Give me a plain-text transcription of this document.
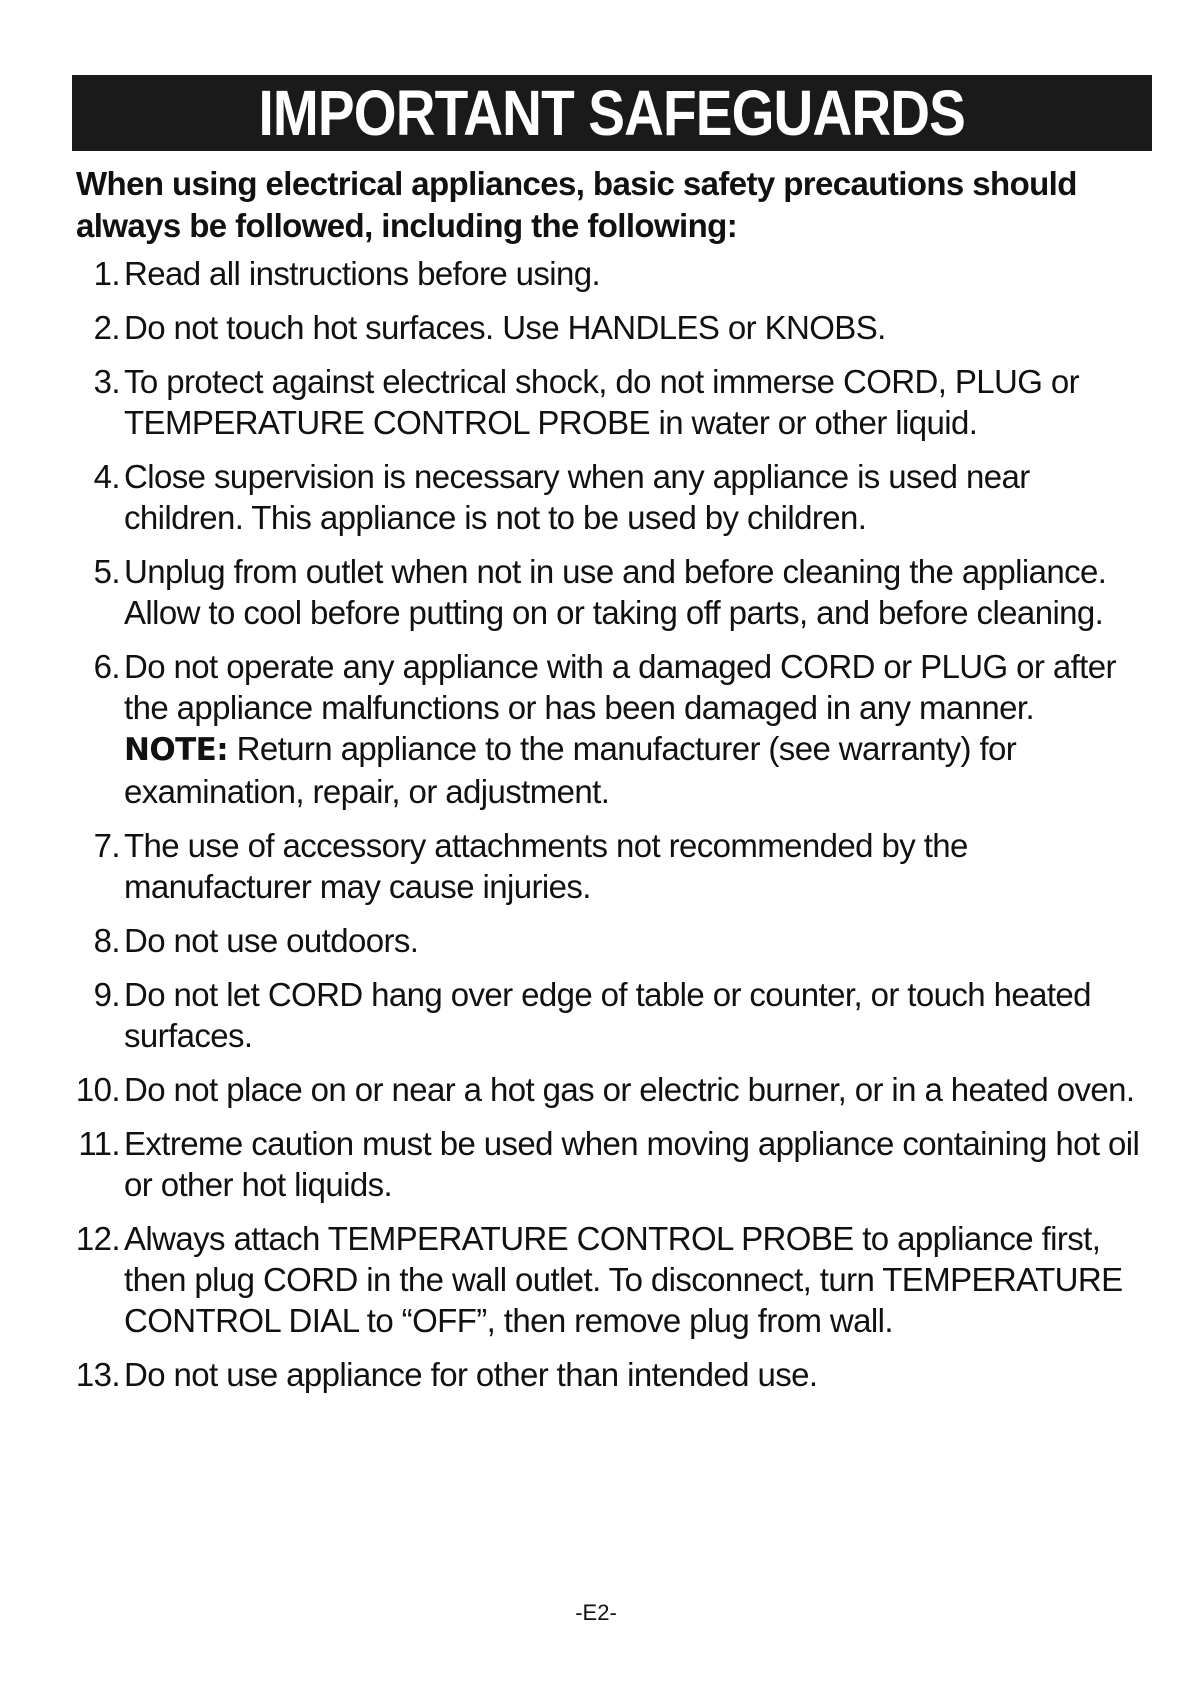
IMPORTANT SAFEGUARDS
When using electrical appliances, basic safety precautions should always be followed, including the following:
1. Read all instructions before using.
2. Do not touch hot surfaces. Use HANDLES or KNOBS.
3. To protect against electrical shock, do not immerse CORD, PLUG or TEMPERATURE CONTROL PROBE in water or other liquid.
4. Close supervision is necessary when any appliance is used near children. This appliance is not to be used by children.
5. Unplug from outlet when not in use and before cleaning the appliance. Allow to cool before putting on or taking off parts, and before cleaning.
6. Do not operate any appliance with a damaged CORD or PLUG or after the appliance malfunctions or has been damaged in any manner.
NOTE: Return appliance to the manufacturer (see warranty) for examination, repair, or adjustment.
7. The use of accessory attachments not recommended by the manufacturer may cause injuries.
8. Do not use outdoors.
9. Do not let CORD hang over edge of table or counter, or touch heated surfaces.
10. Do not place on or near a hot gas or electric burner, or in a heated oven.
11. Extreme caution must be used when moving appliance containing hot oil or other hot liquids.
12. Always attach TEMPERATURE CONTROL PROBE to appliance first, then plug CORD in the wall outlet. To disconnect, turn TEMPERATURE CONTROL DIAL to “OFF”, then remove plug from wall.
13. Do not use appliance for other than intended use.
-E2-
